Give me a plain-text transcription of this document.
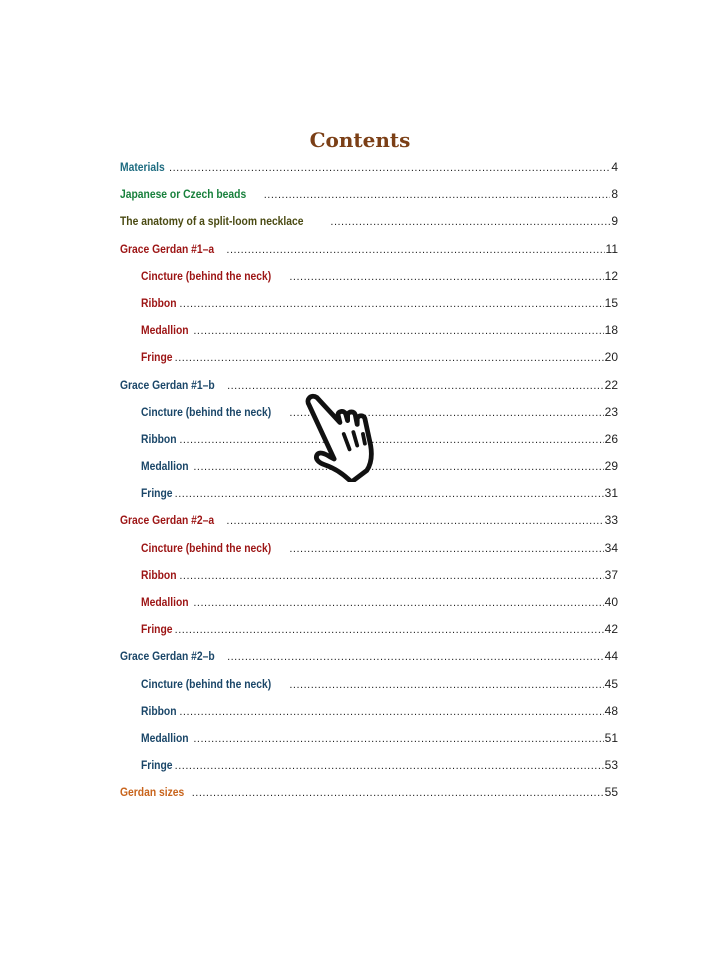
Contents
Materials .....	4
Japanese or Czech beads .....	8
The anatomy of a split-loom necklace .....	9
Grace Gerdan #1–a .....	11
Cincture (behind the neck) .....	12
Ribbon .....	15
Medallion .....	18
Fringe .....	20
Grace Gerdan #1–b .....	22
Cincture (behind the neck) .....	23
Ribbon .....	26
Medallion .....	29
Fringe .....	31
Grace Gerdan #2–a .....	33
Cincture (behind the neck) .....	34
Ribbon .....	37
Medallion .....	40
Fringe .....	42
Grace Gerdan #2–b .....	44
Cincture (behind the neck) .....	45
Ribbon .....	48
Medallion .....	51
Fringe .....	53
Gerdan sizes .....	55
